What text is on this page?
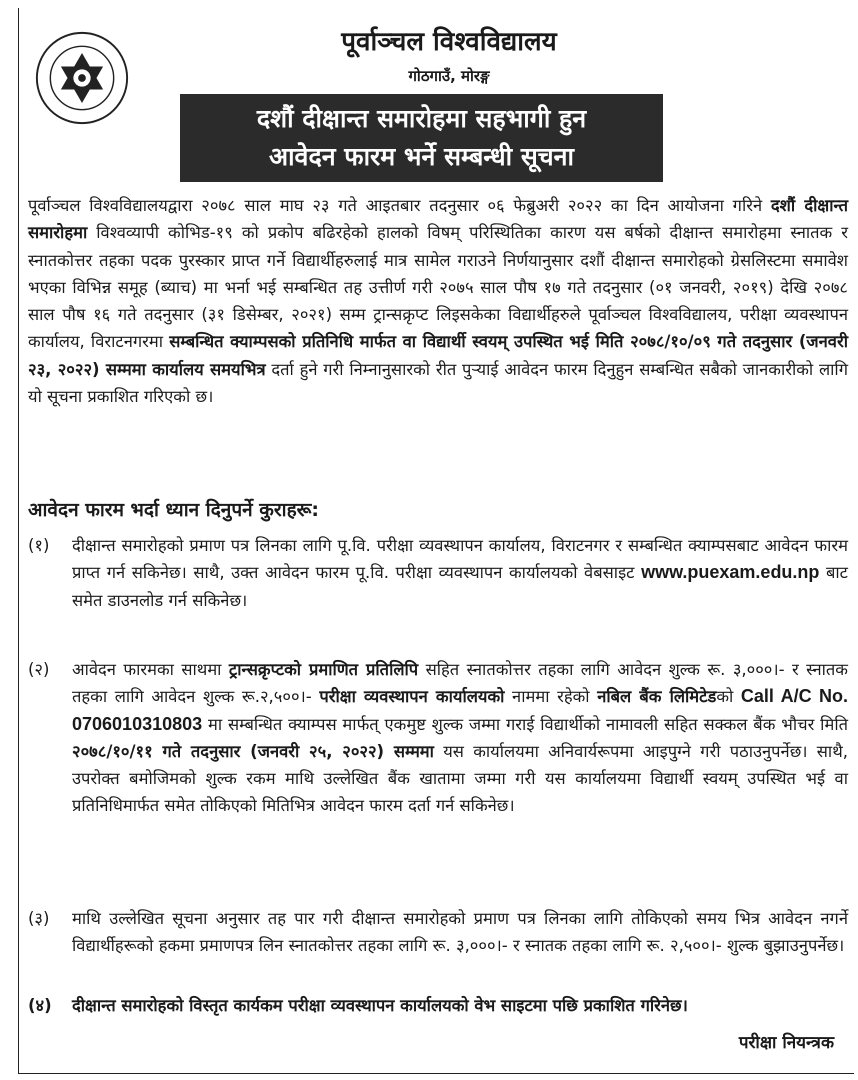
पूर्वाञ्चल विश्वविद्यालय
गोठगाउँ, मोरङ्ग
दशौं दीक्षान्त समारोहमा सहभागी हुन
आवेदन फारम भर्ने सम्बन्धी सूचना
पूर्वाञ्चल विश्वविद्यालयद्वारा २०७८ साल माघ २३ गते आइतबार तदनुसार ०६ फेब्रुअरी २०२२ का दिन आयोजना गरिने दशौं दीक्षान्त समारोहमा विश्वव्यापी कोभिड-१९ को प्रकोप बढिरहेको हालको विषम् परिस्थितिका कारण यस बर्षको दीक्षान्त समारोहमा स्नातक र स्नातकोत्तर तहका पदक पुरस्कार प्राप्त गर्ने विद्यार्थीहरुलाई मात्र सामेल गराउने निर्णयानुसार दशौं दीक्षान्त समारोहको ग्रेसलिस्टमा समावेश भएका विभिन्न समूह (ब्याच) मा भर्ना भई सम्बन्धित तह उत्तीर्ण गरी २०७५ साल पौष १७ गते तदनुसार (०१ जनवरी, २०१९) देखि २०७८ साल पौष १६ गते तदनुसार (३१ डिसेम्बर, २०२१) सम्म ट्रान्सक्रृप्ट लिइसकेका विद्यार्थीहरुले पूर्वाञ्चल विश्वविद्यालय, परीक्षा व्यवस्थापन कार्यालय, विराटनगरमा सम्बन्धित क्याम्पसको प्रतिनिधि मार्फत वा विद्यार्थी स्वयम् उपस्थित भई मिति २०७८/१०/०९ गते तदनुसार (जनवरी २३, २०२२) सम्ममा कार्यालय समयभित्र दर्ता हुने गरी निम्नानुसारको रीत पुऱ्याई आवेदन फारम दिनुहुन सम्बन्धित सबैको जानकारीको लागि यो सूचना प्रकाशित गरिएको छ।
आवेदन फारम भर्दा ध्यान दिनुपर्ने कुराहरू:
(१) दीक्षान्त समारोहको प्रमाण पत्र लिनका लागि पू.वि. परीक्षा व्यवस्थापन कार्यालय, विराटनगर र सम्बन्धित क्याम्पसबाट आवेदन फारम प्राप्त गर्न सकिनेछ। साथै, उक्त आवेदन फारम पू.वि. परीक्षा व्यवस्थापन कार्यालयको वेबसाइट www.puexam.edu.np बाट समेत डाउनलोड गर्न सकिनेछ।
(२) आवेदन फारमका साथमा ट्रान्सक्रृप्टको प्रमाणित प्रतिलिपि सहित स्नातकोत्तर तहका लागि आवेदन शुल्क रू. ३,०००।- र स्नातक तहका लागि आवेदन शुल्क रू.२,५००।- परीक्षा व्यवस्थापन कार्यालयको नाममा रहेको नबिल बैंक लिमिटेडको Call A/C No. 0706010310803 मा सम्बन्धित क्याम्पस मार्फत् एकमुष्ट शुल्क जम्मा गराई विद्यार्थीको नामावली सहित सक्कल बैंक भौचर मिति २०७८/१०/११ गते तदनुसार (जनवरी २५, २०२२) सम्ममा यस कार्यालयमा अनिवार्यरूपमा आइपुग्ने गरी पठाउनुपर्नेछ। साथै, उपरोक्त बमोजिमको शुल्क रकम माथि उल्लेखित बैंक खातामा जम्मा गरी यस कार्यालयमा विद्यार्थी स्वयम् उपस्थित भई वा प्रतिनिधिमार्फत समेत तोकिएको मितिभित्र आवेदन फारम दर्ता गर्न सकिनेछ।
(३) माथि उल्लेखित सूचना अनुसार तह पार गरी दीक्षान्त समारोहको प्रमाण पत्र लिनका लागि तोकिएको समय भित्र आवेदन नगर्ने विद्यार्थीहरूको हकमा प्रमाणपत्र लिन स्नातकोत्तर तहका लागि रू. ३,०००।- र स्नातक तहका लागि रू. २,५००।- शुल्क बुझाउनुपर्नेछ।
(४) दीक्षान्त समारोहको विस्तृत कार्यकम परीक्षा व्यवस्थापन कार्यालयको वेभ साइटमा पछि प्रकाशित गरिनेछ।
परीक्षा नियन्त्रक
